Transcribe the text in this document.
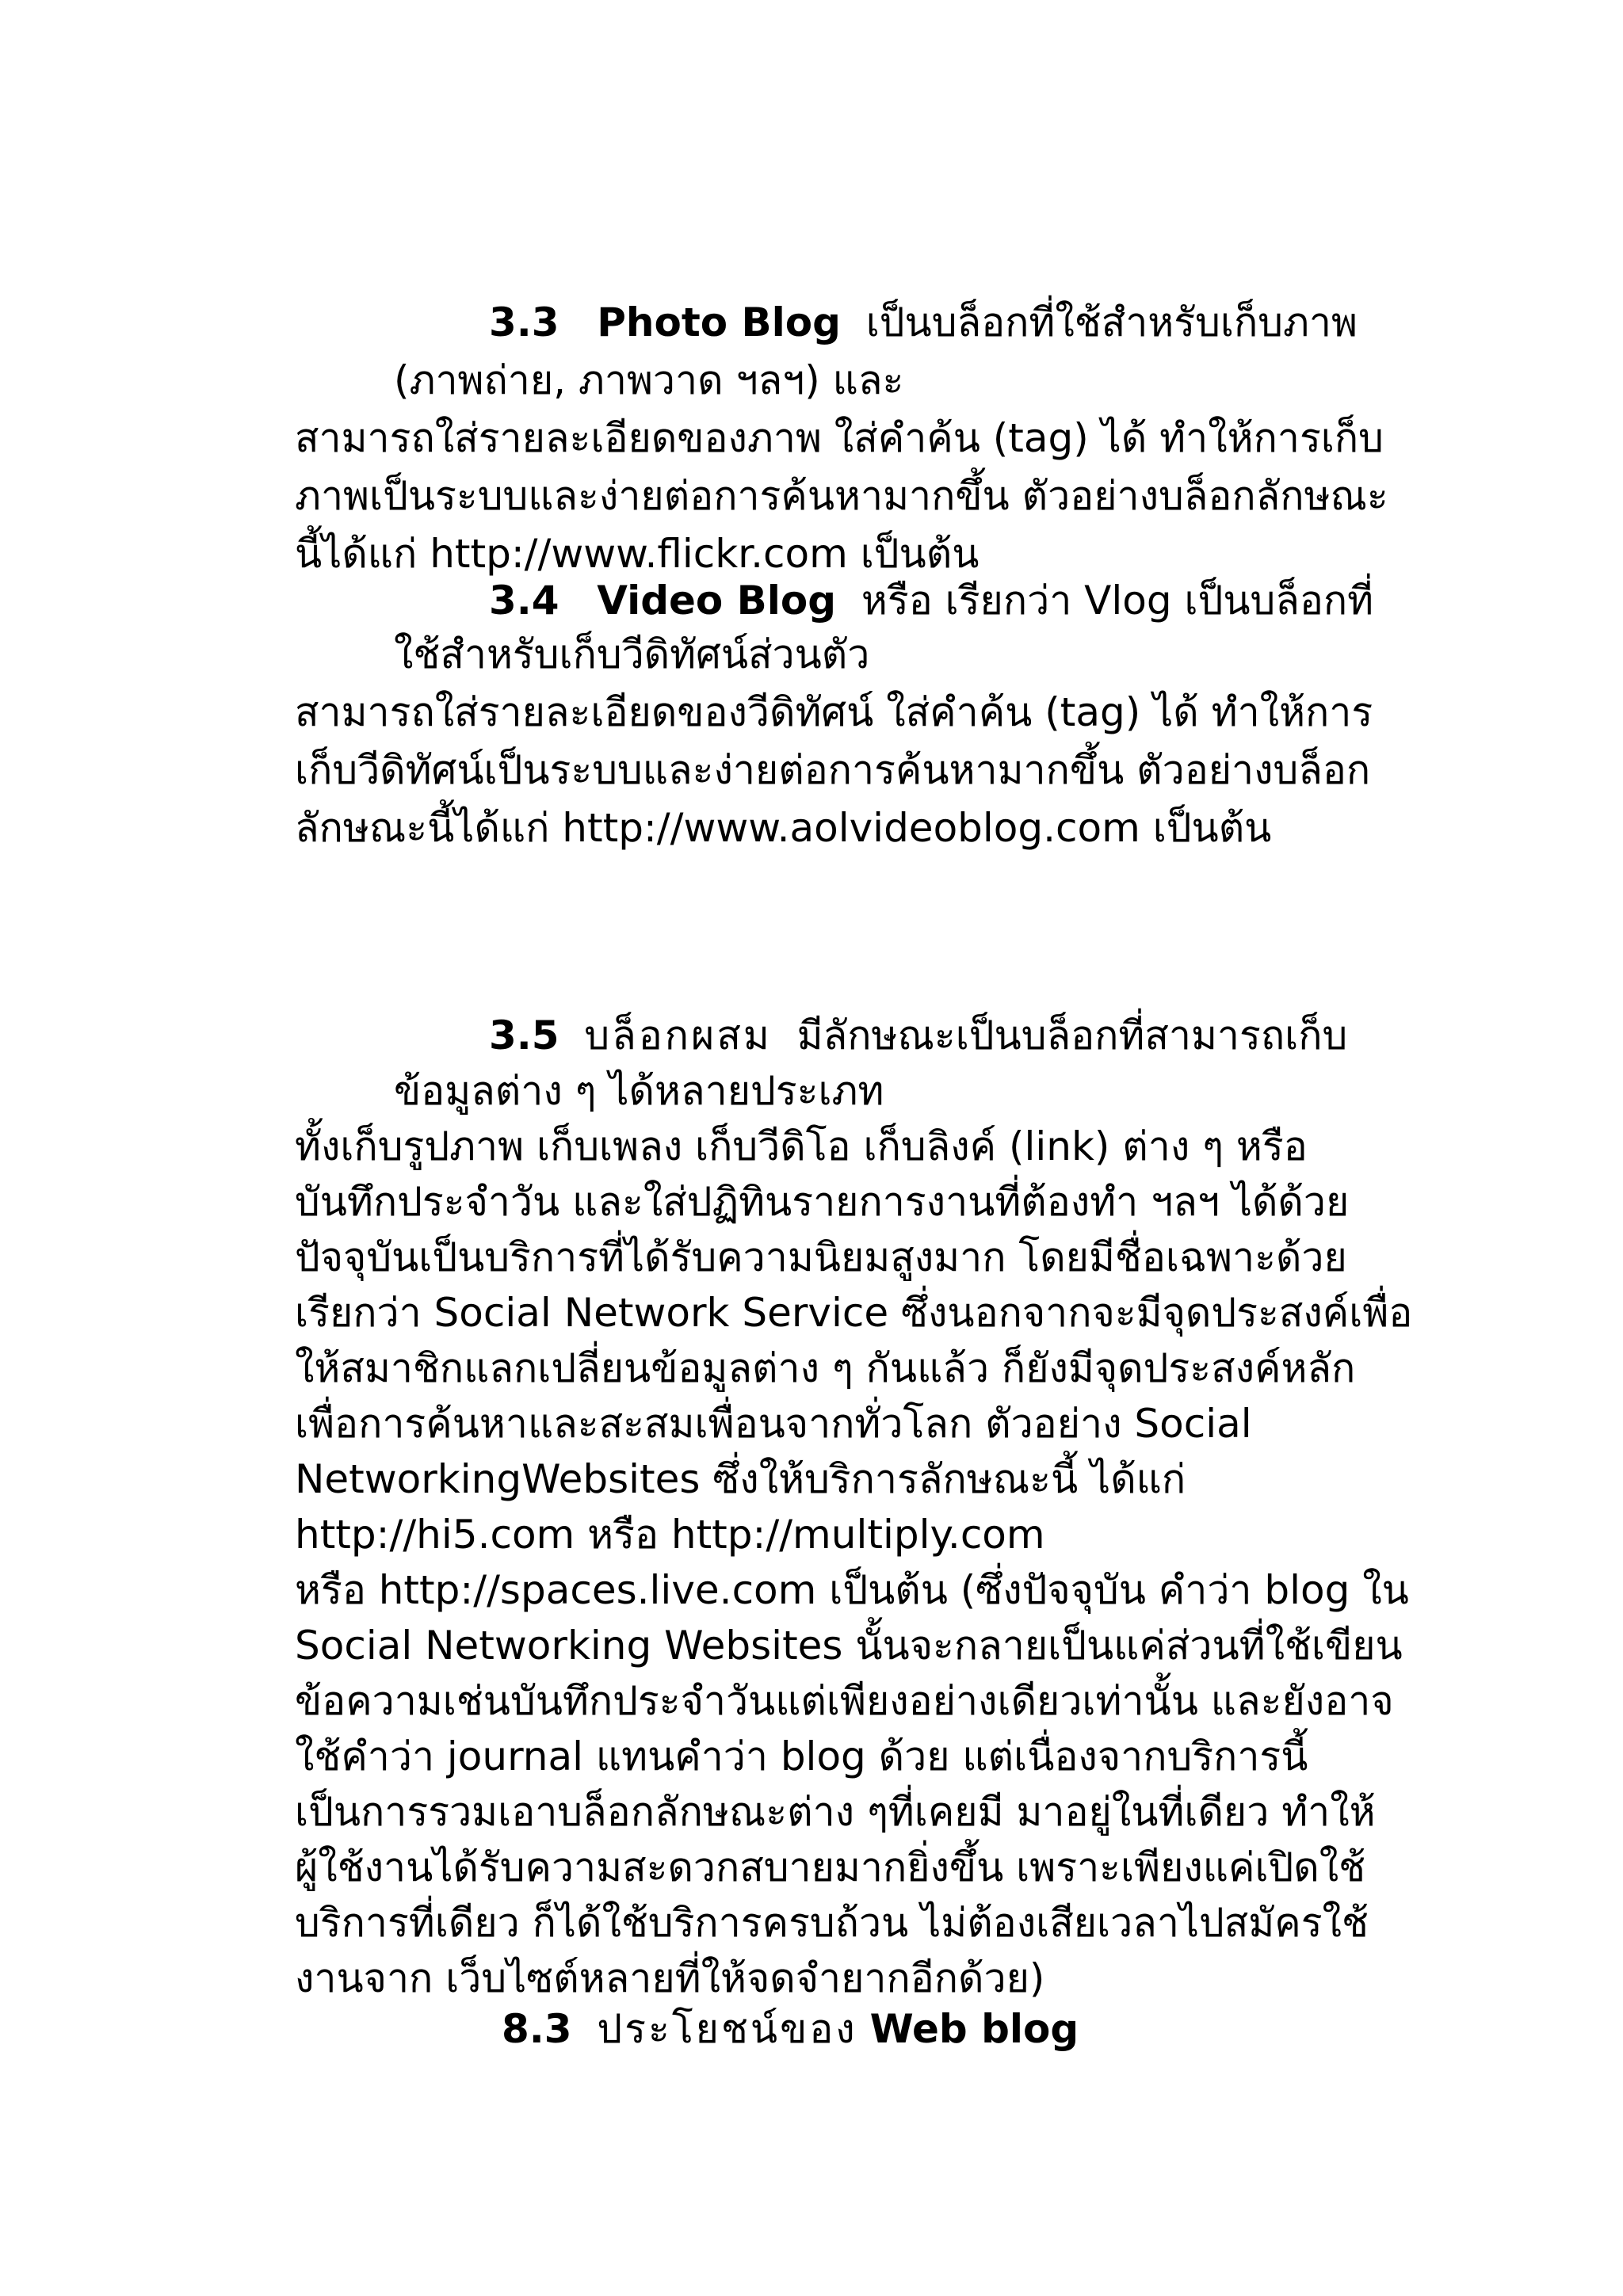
3.3 Photo Blog เป็นบล็อกที่ใช้สำหรับเก็บภาพ
(ภาพถ่าย, ภาพวาด ฯลฯ) และ
สามารถใส่รายละเอียดของภาพ ใส่คำค้น (tag) ได้ ทำให้การเก็บ
ภาพเป็นระบบและง่ายต่อการค้นหามากขึ้น ตัวอย่างบล็อกลักษณะ
นี้ได้แก่ http://www.flickr.com เป็นต้น
3.4 Video Blog หรือ เรียกว่า Vlog เป็นบล็อกที่
ใช้สำหรับเก็บวีดิทัศน์ส่วนตัว
สามารถใส่รายละเอียดของวีดิทัศน์ ใส่คำค้น (tag) ได้ ทำให้การ
เก็บวีดิทัศน์เป็นระบบและง่ายต่อการค้นหามากขึ้น ตัวอย่างบล็อก
ลักษณะนี้ได้แก่ http://www.aolvideoblog.com เป็นต้น
3.5 บล็อกผสม มีลักษณะเป็นบล็อกที่สามารถเก็บ
ข้อมูลต่าง ๆ ได้หลายประเภท
ทั้งเก็บรูปภาพ เก็บเพลง เก็บวีดิโอ เก็บลิงค์ (link) ต่าง ๆ หรือ
บันทึกประจำวัน และใส่ปฏิทินรายการงานที่ต้องทำ ฯลฯ ได้ด้วย
ปัจจุบันเป็นบริการที่ได้รับความนิยมสูงมาก โดยมีชื่อเฉพาะด้วย
เรียกว่า Social Network Service ซึ่งนอกจากจะมีจุดประสงค์เพื่อ
ให้สมาชิกแลกเปลี่ยนข้อมูลต่าง ๆ กันแล้ว ก็ยังมีจุดประสงค์หลัก
เพื่อการค้นหาและสะสมเพื่อนจากทั่วโลก ตัวอย่าง Social
NetworkingWebsites ซึ่งให้บริการลักษณะนี้ ได้แก่
http://hi5.com หรือ http://multiply.com
หรือ http://spaces.live.com เป็นต้น (ซึ่งปัจจุบัน คำว่า blog ใน
Social Networking Websites นั้นจะกลายเป็นแค่ส่วนที่ใช้เขียน
ข้อความเช่นบันทึกประจำวันแต่เพียงอย่างเดียวเท่านั้น และยังอาจ
ใช้คำว่า journal แทนคำว่า blog ด้วย แต่เนื่องจากบริการนี้
เป็นการรวมเอาบล็อกลักษณะต่าง ๆที่เคยมี มาอยู่ในที่เดียว ทำให้
ผู้ใช้งานได้รับความสะดวกสบายมากยิ่งขึ้น เพราะเพียงแค่เปิดใช้
บริการที่เดียว ก็ได้ใช้บริการครบถ้วน ไม่ต้องเสียเวลาไปสมัครใช้
งานจาก เว็บไซต์หลายที่ให้จดจำยากอีกด้วย)
8.3 ประโยชน์ของ Web blog
